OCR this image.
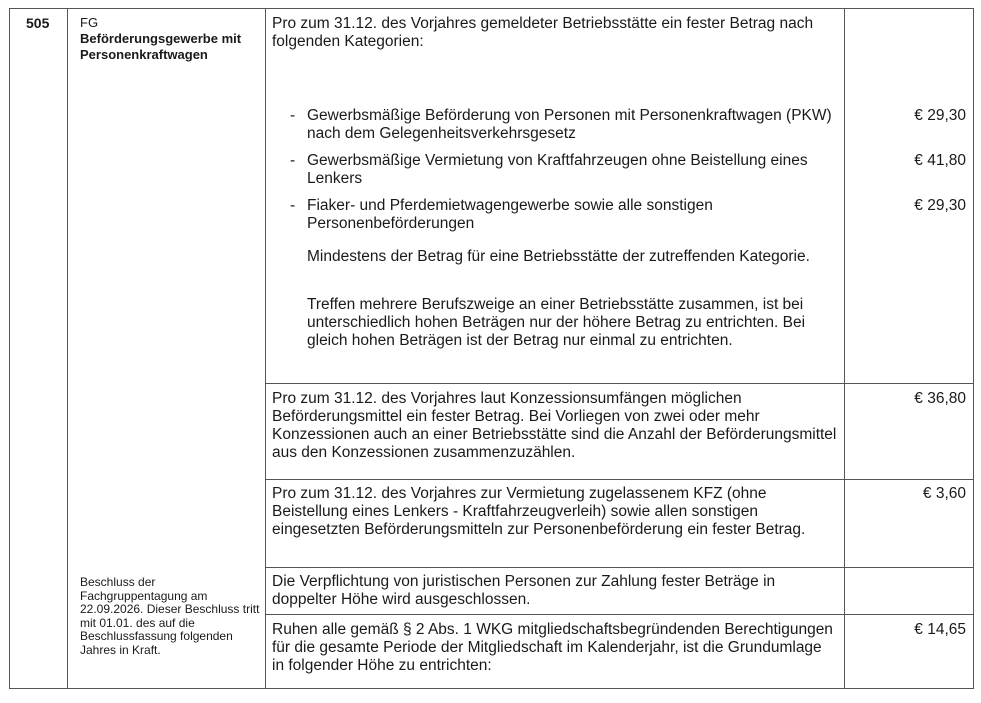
505 FG
Beförderungsgewerbe mit Personenkraftwagen
Beschluss der Fachgruppentagung am 22.09.2026. Dieser Beschluss tritt mit 01.01. des auf die Beschlussfassung folgenden Jahres in Kraft.

Pro zum 31.12. des Vorjahres gemeldeter Betriebsstätte ein fester Betrag nach folgenden Kategorien:

- Gewerbsmäßige Beförderung von Personen mit Personenkraftwagen (PKW) nach dem Gelegenheitsverkehrsgesetz

€ 29,30
- Gewerbsmäßige Vermietung von Kraftfahrzeugen ohne Beistellung eines Lenkers

€ 41,80
- Fiaker- und Pferdemietwagengewerbe sowie alle sonstigen Personenbeförderungen

€ 29,30

Mindestens der Betrag für eine Betriebsstätte der zutreffenden Kategorie.

Treffen mehrere Berufszweige an einer Betriebsstätte zusammen, ist bei unterschiedlich hohen Beträgen nur der höhere Betrag zu entrichten. Bei gleich hohen Beträgen ist der Betrag nur einmal zu entrichten.

Pro zum 31.12. des Vorjahres laut Konzessionsumfängen möglichen Beförderungsmittel ein fester Betrag. Bei Vorliegen von zwei oder mehr Konzessionen auch an einer Betriebsstätte sind die Anzahl der Beförderungsmittel aus den Konzessionen zusammenzuzählen.

€ 36,80

Pro zum 31.12. des Vorjahres zur Vermietung zugelassenem KFZ (ohne Beistellung eines Lenkers - Kraftfahrzeugverleih) sowie allen sonstigen eingesetzten Beförderungsmitteln zur Personenbeförderung ein fester Betrag.

€ 3,60

Die Verpflichtung von juristischen Personen zur Zahlung fester Beträge in doppelter Höhe wird ausgeschlossen.

Ruhen alle gemäß § 2 Abs. 1 WKG mitgliedschaftsbegründenden Berechtigungen für die gesamte Periode der Mitgliedschaft im Kalenderjahr, ist die Grundumlage in folgender Höhe zu entrichten:

€ 14,65
